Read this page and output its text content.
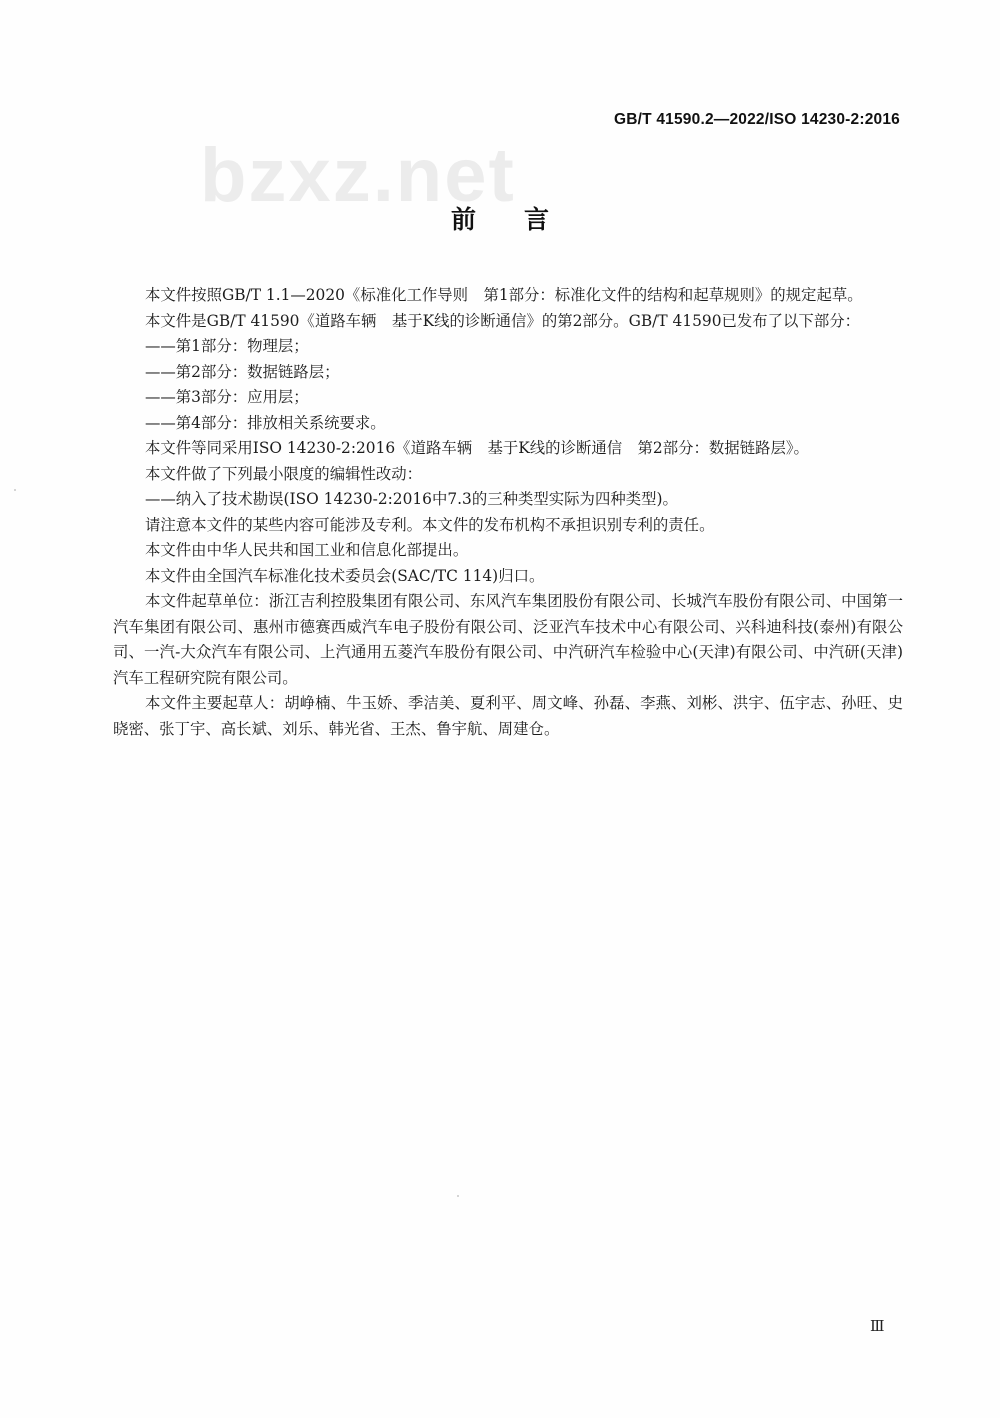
GB/T 41590.2—2022/ISO 14230-2:2016
bzxz.net
前言

本文件按照GB/T 1.1—2020《标准化工作导则　第1部分：标准化文件的结构和起草规则》的规定起草。

本文件是GB/T 41590《道路车辆　基于K线的诊断通信》的第2部分。GB/T 41590已发布了以下部分：

——第1部分：物理层；

——第2部分：数据链路层；

——第3部分：应用层；

——第4部分：排放相关系统要求。

本文件等同采用ISO 14230-2:2016《道路车辆　基于K线的诊断通信　第2部分：数据链路层》。

本文件做了下列最小限度的编辑性改动：

——纳入了技术勘误(ISO 14230-2:2016中7.3的三种类型实际为四种类型)。

请注意本文件的某些内容可能涉及专利。本文件的发布机构不承担识别专利的责任。

本文件由中华人民共和国工业和信息化部提出。

本文件由全国汽车标准化技术委员会(SAC/TC 114)归口。

本文件起草单位：浙江吉利控股集团有限公司、东风汽车集团股份有限公司、长城汽车股份有限公司、中国第一汽车集团有限公司、惠州市德赛西威汽车电子股份有限公司、泛亚汽车技术中心有限公司、兴科迪科技(泰州)有限公司、一汽-大众汽车有限公司、上汽通用五菱汽车股份有限公司、中汽研汽车检验中心(天津)有限公司、中汽研(天津)汽车工程研究院有限公司。

本文件主要起草人：胡峥楠、牛玉娇、季洁美、夏利平、周文峰、孙磊、李燕、刘彬、洪宇、伍宇志、孙旺、史晓密、张丁宇、高长斌、刘乐、韩光省、王杰、鲁宇航、周建仓。

Ⅲ
